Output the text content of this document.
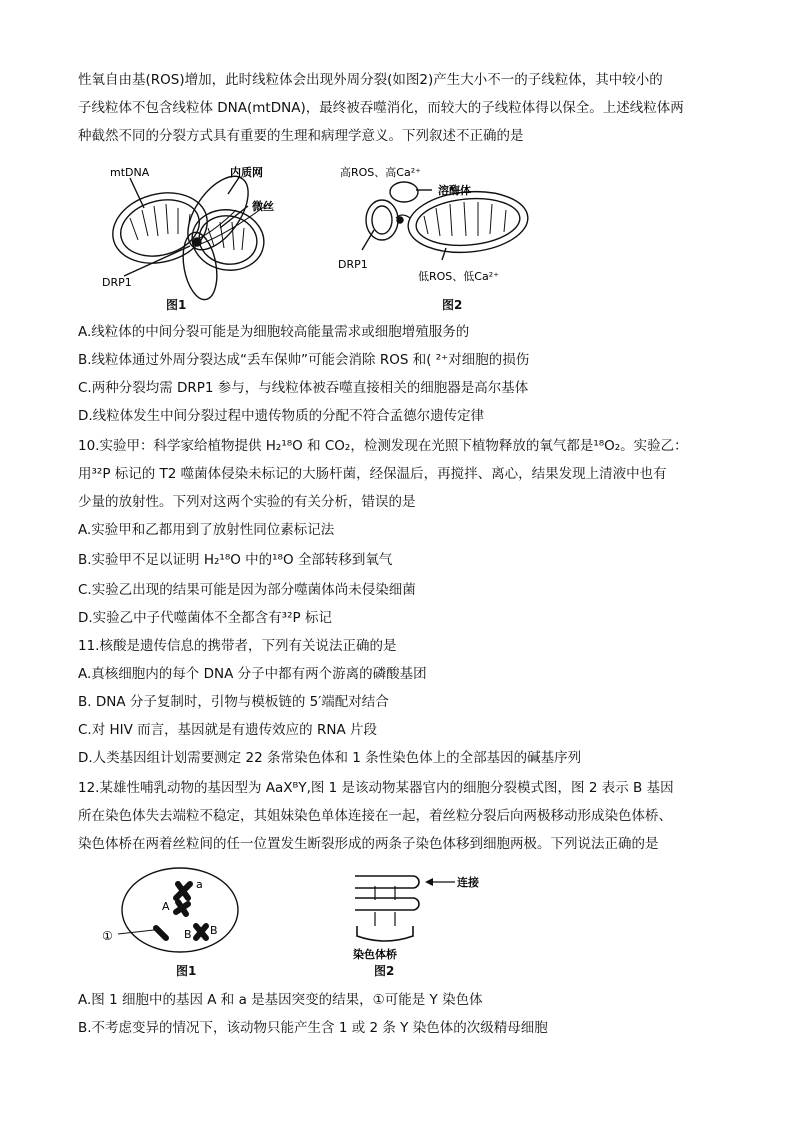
性氧自由基(ROS)增加，此时线粒体会出现外周分裂(如图2)产生大小不一的子线粒体，其中较小的
子线粒体不包含线粒体 DNA(mtDNA)，最终被吞噬消化，而较大的子线粒体得以保全。上述线粒体两
种截然不同的分裂方式具有重要的生理和病理学意义。下列叙述不正确的是
mtDNA	内质网
微丝
DRP1
图1
高ROS、高Ca²⁺
溶酶体
DRP1
低ROS、低Ca²⁺
图2
A.线粒体的中间分裂可能是为细胞较高能量需求或细胞增殖服务的
B.线粒体通过外周分裂达成“丢车保帅”可能会消除 ROS 和( ²⁺对细胞的损伤
C.两种分裂均需 DRP1 参与，与线粒体被吞噬直接相关的细胞器是高尔基体
D.线粒体发生中间分裂过程中遗传物质的分配不符合孟德尔遗传定律
10.实验甲：科学家给植物提供 H₂¹⁸O 和 CO₂，检测发现在光照下植物释放的氧气都是¹⁸O₂。实验乙：
用³²P 标记的 T2 噬菌体侵染未标记的大肠杆菌，经保温后，再搅拌、离心，结果发现上清液中也有
少量的放射性。下列对这两个实验的有关分析，错误的是
A.实验甲和乙都用到了放射性同位素标记法
B.实验甲不足以证明 H₂¹⁸O 中的¹⁸O 全部转移到氧气
C.实验乙出现的结果可能是因为部分噬菌体尚未侵染细菌
D.实验乙中子代噬菌体不全都含有³²P 标记
11.核酸是遗传信息的携带者，下列有关说法正确的是
A.真核细胞内的每个 DNA 分子中都有两个游离的磷酸基团
B. DNA 分子复制时，引物与模板链的 5′端配对结合
C.对 HIV 而言，基因就是有遗传效应的 RNA 片段
D.人类基因组计划需要测定 22 条常染色体和 1 条性染色体上的全部基因的碱基序列
12.某雄性哺乳动物的基因型为 AaXᴮY,图 1 是该动物某器官内的细胞分裂模式图，图 2 表示 B 基因
所在染色体失去端粒不稳定，其姐妹染色单体连接在一起，着丝粒分裂后向两极移动形成染色体桥、
染色体桥在两着丝粒间的任一位置发生断裂形成的两条子染色体移到细胞两极。下列说法正确的是
a
A
B B
①
图1
连接
染色体桥
图2
A.图 1 细胞中的基因 A 和 a 是基因突变的结果，①可能是 Y 染色体
B.不考虑变异的情况下，该动物只能产生含 1 或 2 条 Y 染色体的次级精母细胞
